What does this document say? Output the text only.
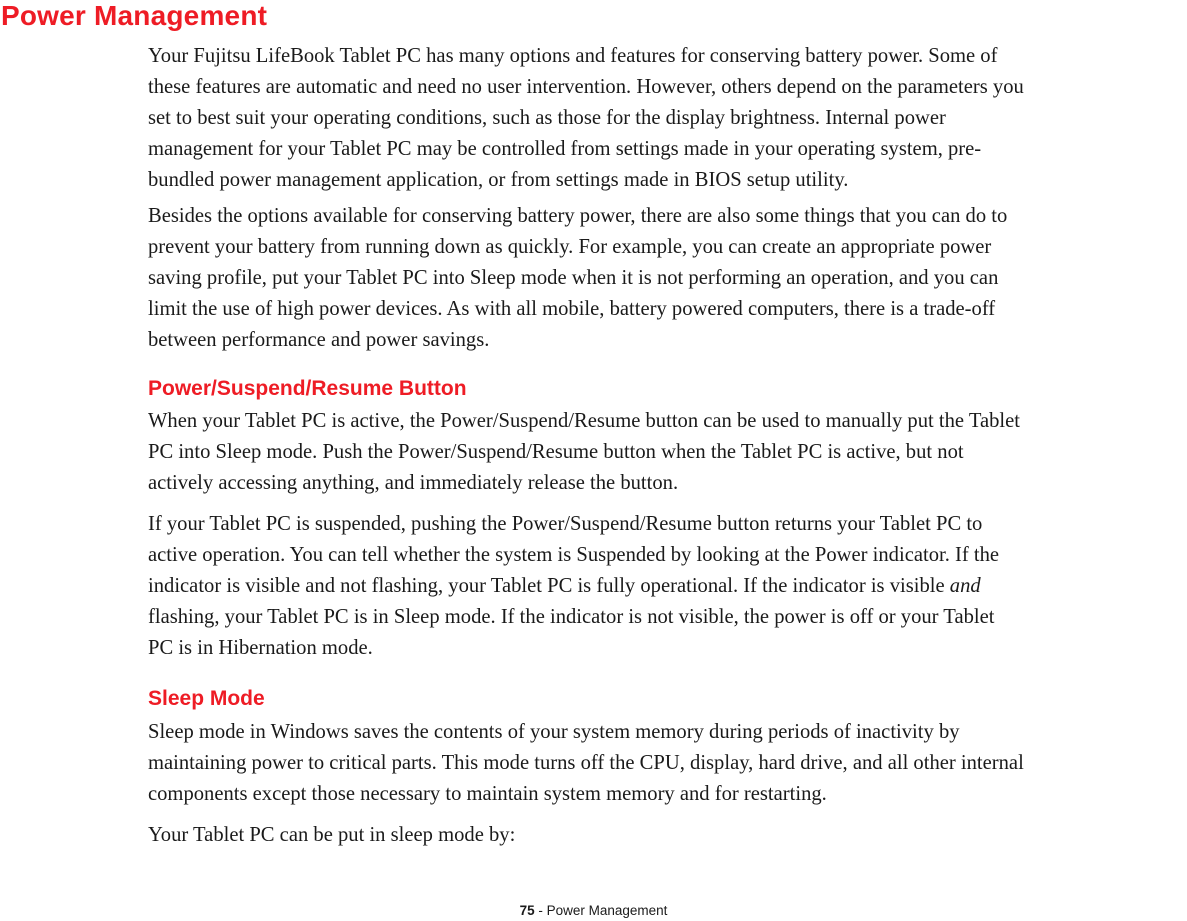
Power Management

Your Fujitsu LifeBook Tablet PC has many options and features for conserving battery power. Some of
these features are automatic and need no user intervention. However, others depend on the parameters you
set to best suit your operating conditions, such as those for the display brightness. Internal power
management for your Tablet PC may be controlled from settings made in your operating system, pre-
bundled power management application, or from settings made in BIOS setup utility.

Besides the options available for conserving battery power, there are also some things that you can do to
prevent your battery from running down as quickly. For example, you can create an appropriate power
saving profile, put your Tablet PC into Sleep mode when it is not performing an operation, and you can
limit the use of high power devices. As with all mobile, battery powered computers, there is a trade-off
between performance and power savings.

Power/Suspend/Resume Button

When your Tablet PC is active, the Power/Suspend/Resume button can be used to manually put the Tablet
PC into Sleep mode. Push the Power/Suspend/Resume button when the Tablet PC is active, but not
actively accessing anything, and immediately release the button.

If your Tablet PC is suspended, pushing the Power/Suspend/Resume button returns your Tablet PC to
active operation. You can tell whether the system is Suspended by looking at the Power indicator. If the
indicator is visible and not flashing, your Tablet PC is fully operational. If the indicator is visible and
flashing, your Tablet PC is in Sleep mode. If the indicator is not visible, the power is off or your Tablet
PC is in Hibernation mode.

Sleep Mode

Sleep mode in Windows saves the contents of your system memory during periods of inactivity by
maintaining power to critical parts. This mode turns off the CPU, display, hard drive, and all other internal
components except those necessary to maintain system memory and for restarting.

Your Tablet PC can be put in sleep mode by:

75 - Power Management
